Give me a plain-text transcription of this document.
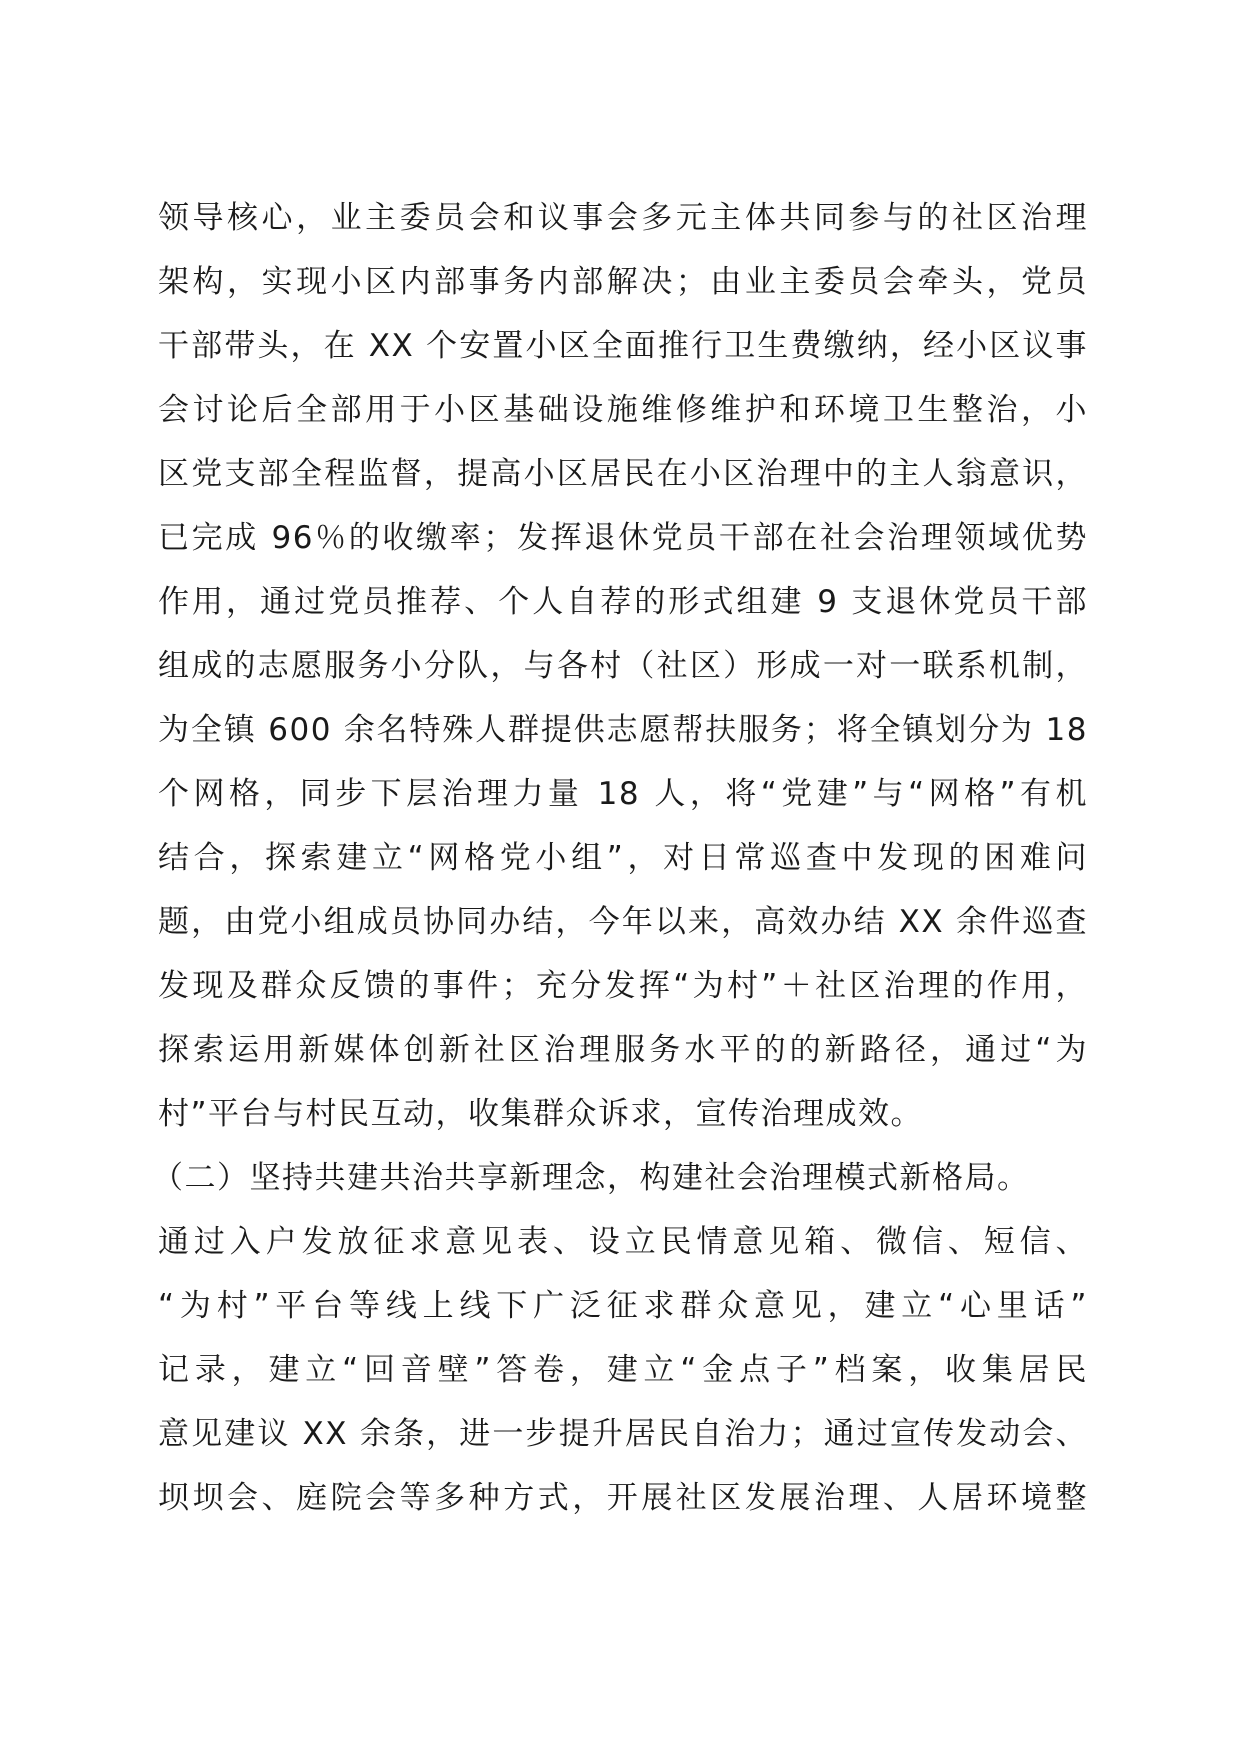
领导核心，业主委员会和议事会多元主体共同参与的社区治理
架构，实现小区内部事务内部解决；由业主委员会牵头，党员
干部带头，在 XX 个安置小区全面推行卫生费缴纳，经小区议事
会讨论后全部用于小区基础设施维修维护和环境卫生整治，小
区党支部全程监督，提高小区居民在小区治理中的主人翁意识，
已完成 96％的收缴率；发挥退休党员干部在社会治理领域优势
作用，通过党员推荐、个人自荐的形式组建 9 支退休党员干部
组成的志愿服务小分队，与各村（社区）形成一对一联系机制，
为全镇 600 余名特殊人群提供志愿帮扶服务；将全镇划分为 18
个网格，同步下层治理力量 18 人，将“党建”与“网格”有机
结合，探索建立“网格党小组”，对日常巡查中发现的困难问
题，由党小组成员协同办结，今年以来，高效办结 XX 余件巡查
发现及群众反馈的事件；充分发挥“为村”＋社区治理的作用，
探索运用新媒体创新社区治理服务水平的的新路径，通过“为
村”平台与村民互动，收集群众诉求，宣传治理成效。
（二）坚持共建共治共享新理念，构建社会治理模式新格局。
通过入户发放征求意见表、设立民情意见箱、微信、短信、
“为村”平台等线上线下广泛征求群众意见，建立“心里话”
记录，建立“回音壁”答卷，建立“金点子”档案，收集居民
意见建议 XX 余条，进一步提升居民自治力；通过宣传发动会、
坝坝会、庭院会等多种方式，开展社区发展治理、人居环境整
